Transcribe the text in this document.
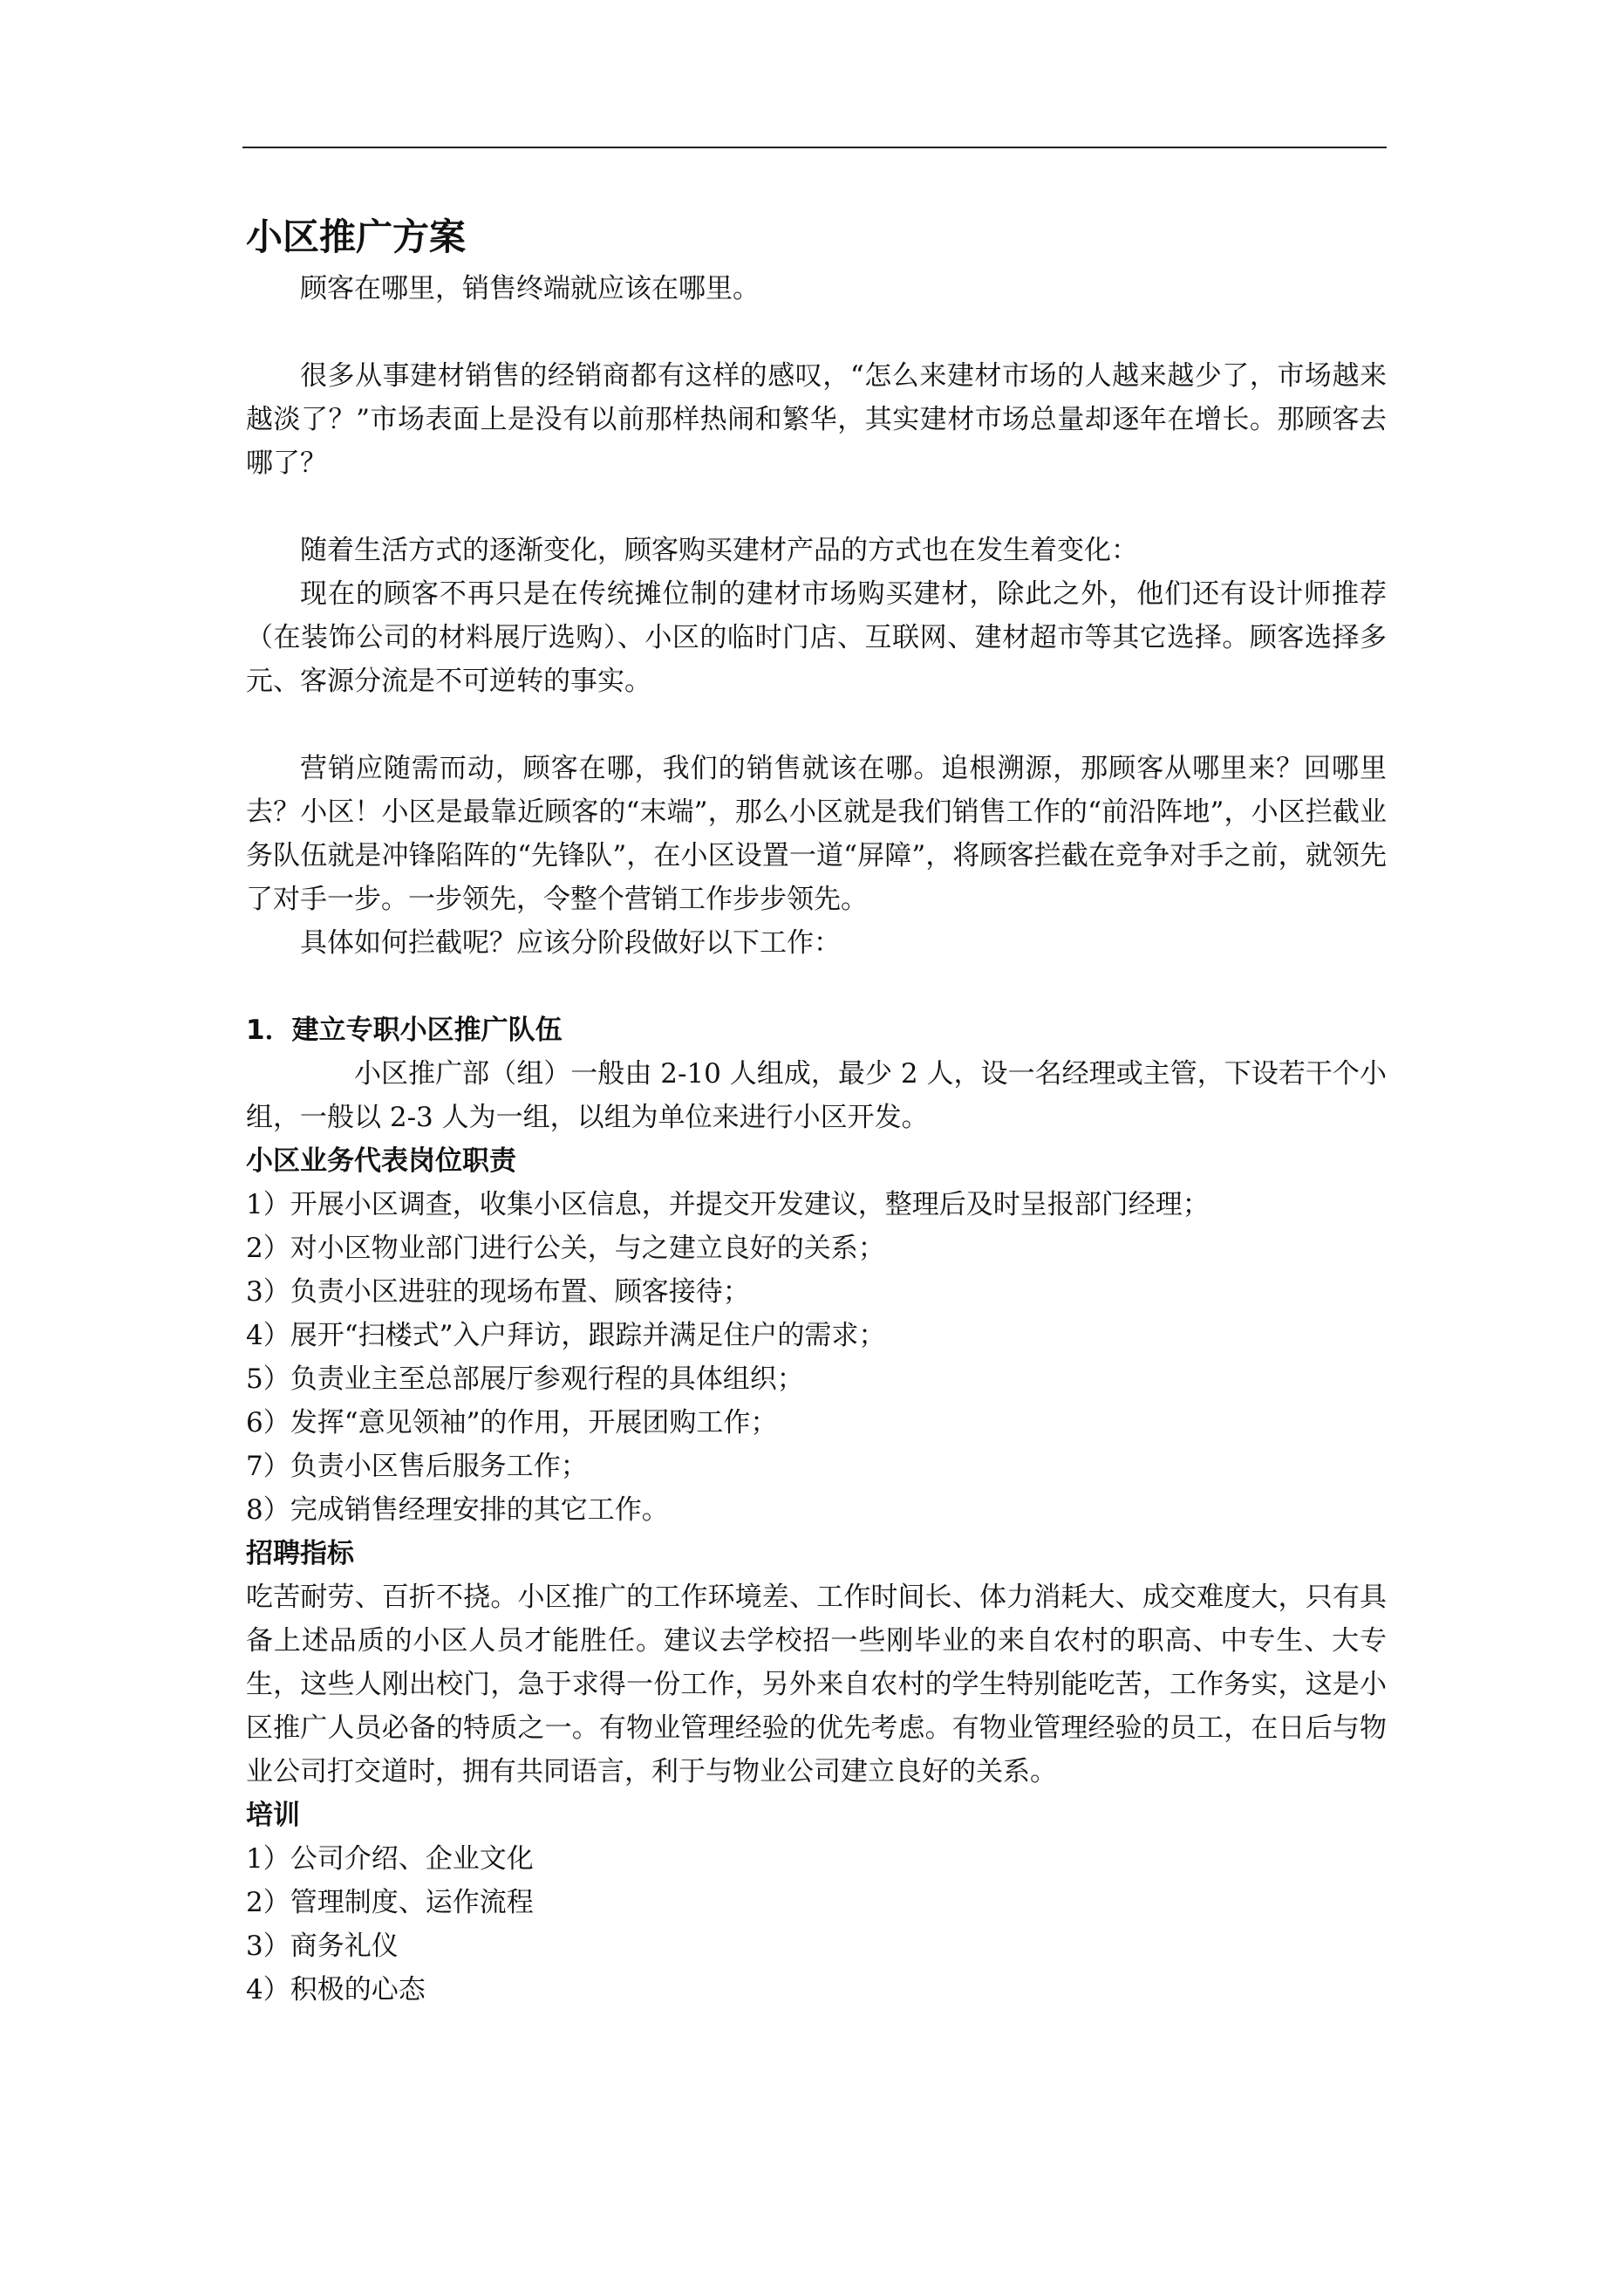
小区推广方案

顾客在哪里，销售终端就应该在哪里。

很多从事建材销售的经销商都有这样的感叹，“怎么来建材市场的人越来越少了，市场越来越淡了？”市场表面上是没有以前那样热闹和繁华，其实建材市场总量却逐年在增长。那顾客去哪了？

随着生活方式的逐渐变化，顾客购买建材产品的方式也在发生着变化：

现在的顾客不再只是在传统摊位制的建材市场购买建材，除此之外，他们还有设计师推荐（在装饰公司的材料展厅选购）、小区的临时门店、互联网、建材超市等其它选择。顾客选择多元、客源分流是不可逆转的事实。

营销应随需而动，顾客在哪，我们的销售就该在哪。追根溯源，那顾客从哪里来？回哪里去？小区！小区是最靠近顾客的“末端”，那么小区就是我们销售工作的“前沿阵地”，小区拦截业务队伍就是冲锋陷阵的“先锋队”，在小区设置一道“屏障”，将顾客拦截在竞争对手之前，就领先了对手一步。一步领先，令整个营销工作步步领先。

具体如何拦截呢？应该分阶段做好以下工作：

1．建立专职小区推广队伍

小区推广部（组）一般由 2-10 人组成，最少 2 人，设一名经理或主管，下设若干个小组，一般以 2-3 人为一组，以组为单位来进行小区开发。

小区业务代表岗位职责

1）开展小区调查，收集小区信息，并提交开发建议，整理后及时呈报部门经理；

2）对小区物业部门进行公关，与之建立良好的关系；

3）负责小区进驻的现场布置、顾客接待；

4）展开“扫楼式”入户拜访，跟踪并满足住户的需求；

5）负责业主至总部展厅参观行程的具体组织；

6）发挥“意见领袖”的作用，开展团购工作；

7）负责小区售后服务工作；

8）完成销售经理安排的其它工作。

招聘指标

吃苦耐劳、百折不挠。小区推广的工作环境差、工作时间长、体力消耗大、成交难度大，只有具备上述品质的小区人员才能胜任。建议去学校招一些刚毕业的来自农村的职高、中专生、大专生，这些人刚出校门，急于求得一份工作，另外来自农村的学生特别能吃苦，工作务实，这是小区推广人员必备的特质之一。有物业管理经验的优先考虑。有物业管理经验的员工，在日后与物业公司打交道时，拥有共同语言，利于与物业公司建立良好的关系。

培训

1）公司介绍、企业文化

2）管理制度、运作流程

3）商务礼仪

4）积极的心态
